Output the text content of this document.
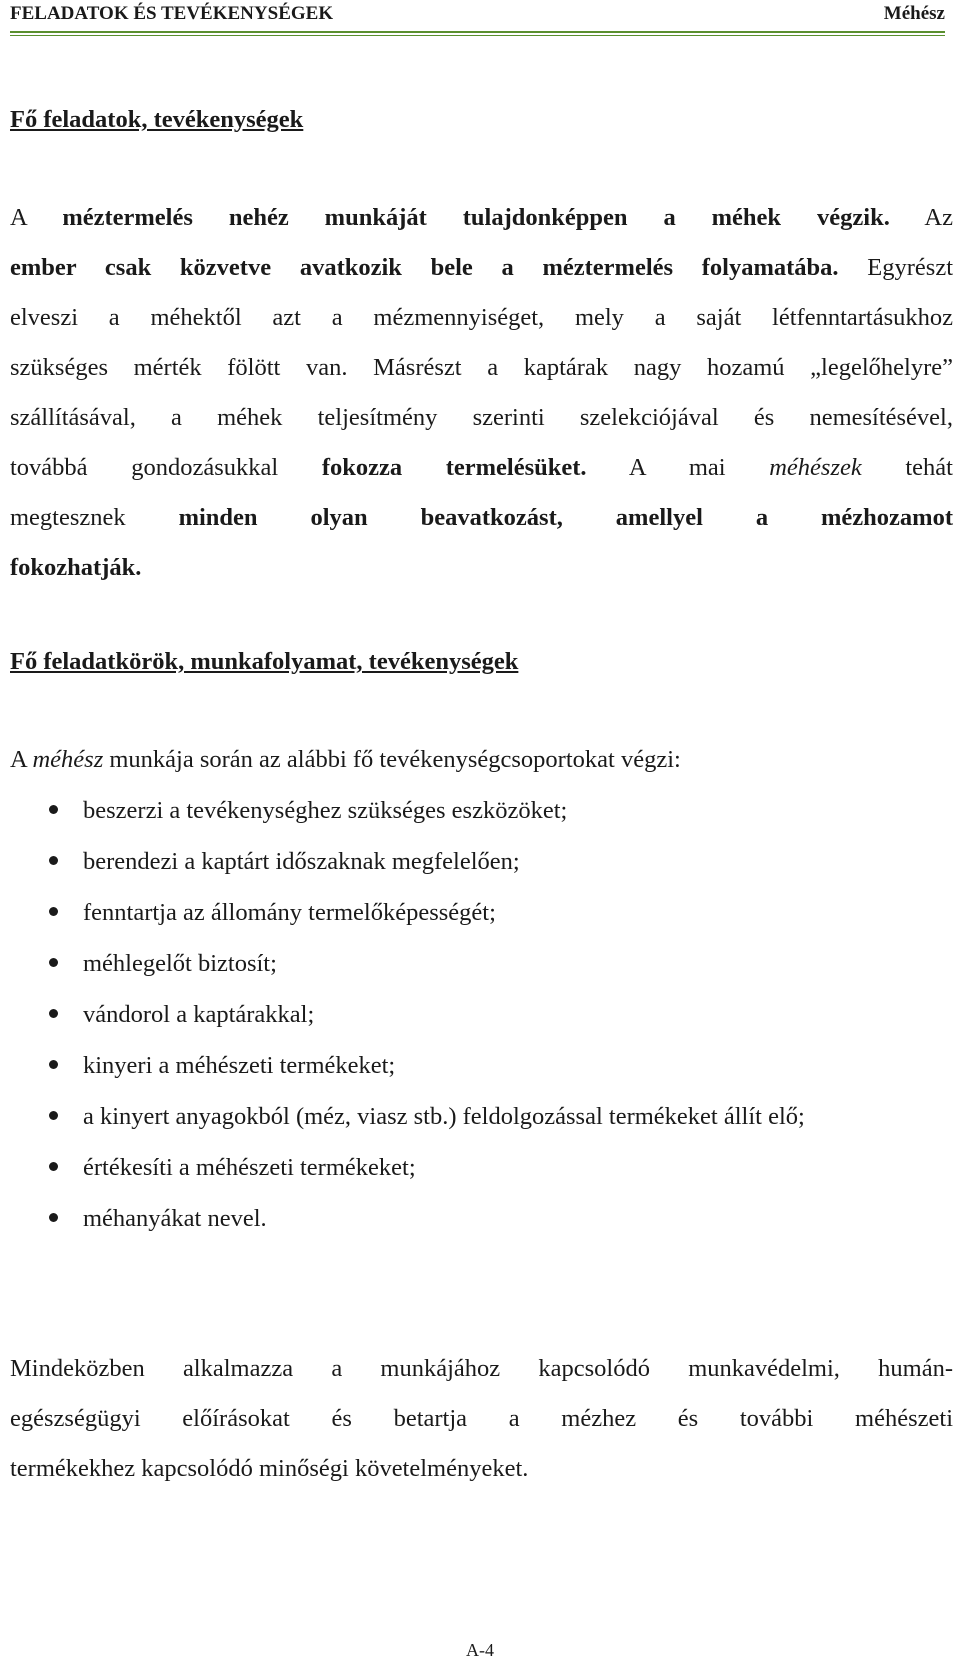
FELADATOK ÉS TEVÉKENYSÉGEK	Méhész
Fő feladatok, tevékenységek
A méztermelés nehéz munkáját tulajdonképpen a méhek végzik. Az
ember csak közvetve avatkozik bele a méztermelés folyamatába. Egyrészt
elveszi a méhektől azt a mézmennyiséget, mely a saját létfenntartásukhoz
szükséges mérték fölött van. Másrészt a kaptárak nagy hozamú „legelőhelyre”
szállításával, a méhek teljesítmény szerinti szelekciójával és nemesítésével,
továbbá gondozásukkal fokozza termelésüket. A mai méhészek tehát
megtesznek minden olyan beavatkozást, amellyel a mézhozamot
fokozhatják.
Fő feladatkörök, munkafolyamat, tevékenységek
A méhész munkája során az alábbi fő tevékenységcsoportokat végzi:
beszerzi a tevékenységhez szükséges eszközöket;
berendezi a kaptárt időszaknak megfelelően;
fenntartja az állomány termelőképességét;
méhlegelőt biztosít;
vándorol a kaptárakkal;
kinyeri a méhészeti termékeket;
a kinyert anyagokból (méz, viasz stb.) feldolgozással termékeket állít elő;
értékesíti a méhészeti termékeket;
méhanyákat nevel.
Mindeközben alkalmazza a munkájához kapcsolódó munkavédelmi, humán-
egészségügyi előírásokat és betartja a mézhez és további méhészeti
termékekhez kapcsolódó minőségi követelményeket.
A-4
